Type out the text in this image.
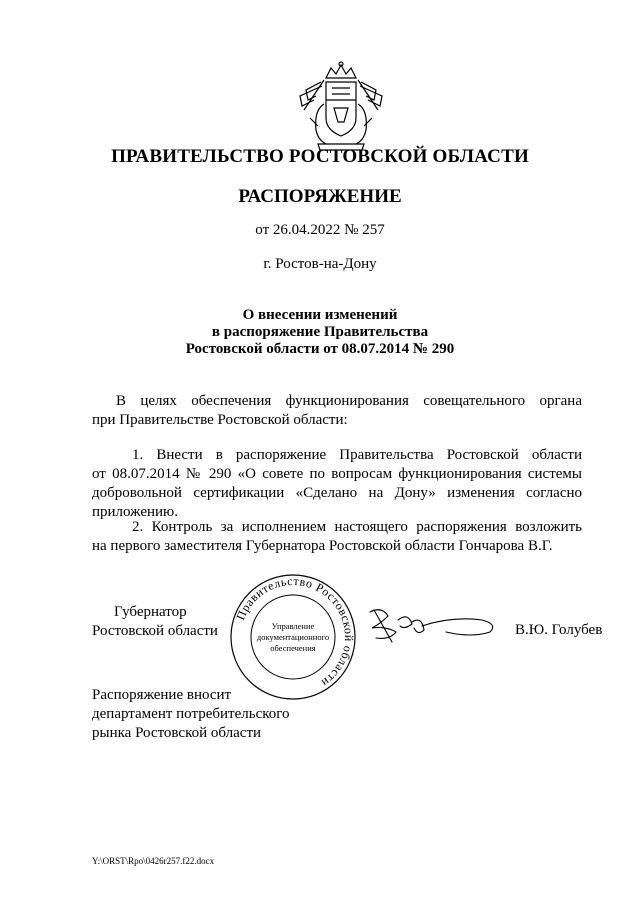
ПРАВИТЕЛЬСТВО РОСТОВСКОЙ ОБЛАСТИ
РАСПОРЯЖЕНИЕ
от 26.04.2022 № 257
г. Ростов-на-Дону
О внесении изменений
в распоряжение Правительства
Ростовской области от 08.07.2014 № 290
В целях обеспечения функционирования совещательного органа
при Правительстве Ростовской области:
1. Внести в распоряжение Правительства Ростовской области
от 08.07.2014 № 290 «О совете по вопросам функционирования системы
добровольной сертификации «Сделано на Дону» изменения согласно
приложению.
2. Контроль за исполнением настоящего распоряжения возложить
на первого заместителя Губернатора Ростовской области Гончарова В.Г.
Губернатор
Ростовской области
Правительство Ростовской области
Управление
документационного
обеспечения
В.Ю. Голубев
Распоряжение вносит
департамент потребительского
рынка Ростовской области
Y:\ORST\Rpo\0426r257.f22.docx
